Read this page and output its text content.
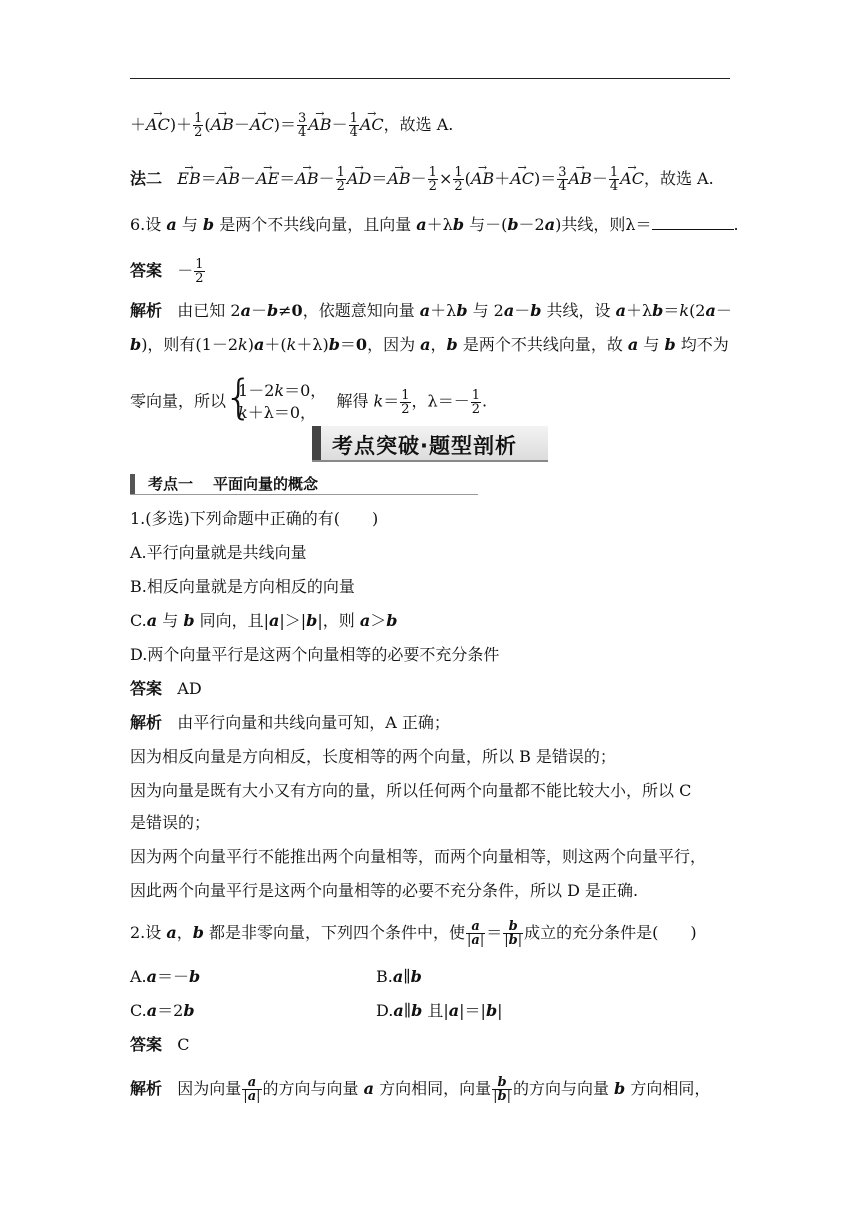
＋→ $AC)+ \frac{1}{2}$ (→ $AB-\to AC)= \frac{3}{4}$
→ $AB- \frac{1}{4}$
→ AC，故选 A.
法二   → $EB=\to AB-\to AE=\to AB- \frac{1}{2}$
→ $AD=\to AB- \frac{1}{2} \times \frac{1}{2}$ (→ $AB+\to AC)= \frac{3}{4}$
→ $AB- \frac{1}{4}$
→ AC，故选 A.
6.设 a 与 b 是两个不共线向量，且向量 a＋λb 与－(b－2a)共线，则λ＝	.
答案   － $\frac{1}{2}$
解析 由已知 2a－b≠0，依题意知向量 a＋λb 与 2a－b 共线，设 a＋λb＝k(2a－
b)，则有(1－2k)a＋(k＋λ)b＝0，因为 a，b 是两个不共线向量，故 a 与 b 均不为
零向量，所以
{ 1－2k＝0，
k＋λ＝0，
解得 $k= \frac{1}{2}$ ，$\lambda=- \frac{1}{2}$ .
考点突破·题型剖析
考点一 平面向量的概念
1.(多选)下列命题中正确的有(　　)
A.平行向量就是共线向量
B.相反向量就是方向相反的向量
C.a 与 b 同向，且|a|＞|b|，则 a＞b
D.两个向量平行是这两个向量相等的必要不充分条件
答案 AD
解析 由平行向量和共线向量可知，A 正确；
因为相反向量是方向相反，长度相等的两个向量，所以 B 是错误的；
因为向量是既有大小又有方向的量，所以任何两个向量都不能比较大小，所以 C
是错误的；
因为两个向量平行不能推出两个向量相等，而两个向量相等，则这两个向量平行，
因此两个向量平行是这两个向量相等的必要不充分条件，所以 D 是正确.
2.设 a，b 都是非零向量，下列四个条件中，使 $\frac{a}{|a|} = \frac{b}{|b|}$ 成立的充分条件是(　　)
A.a＝－b	B.a∥b
C.a＝2b	D.a∥b 且|a|＝|b|
答案 C
解析 因为向量 $\frac{a}{|a|}$ 的方向与向量 a 方向相同，向量 $\frac{b}{|b|}$ 的方向与向量 b 方向相同，
